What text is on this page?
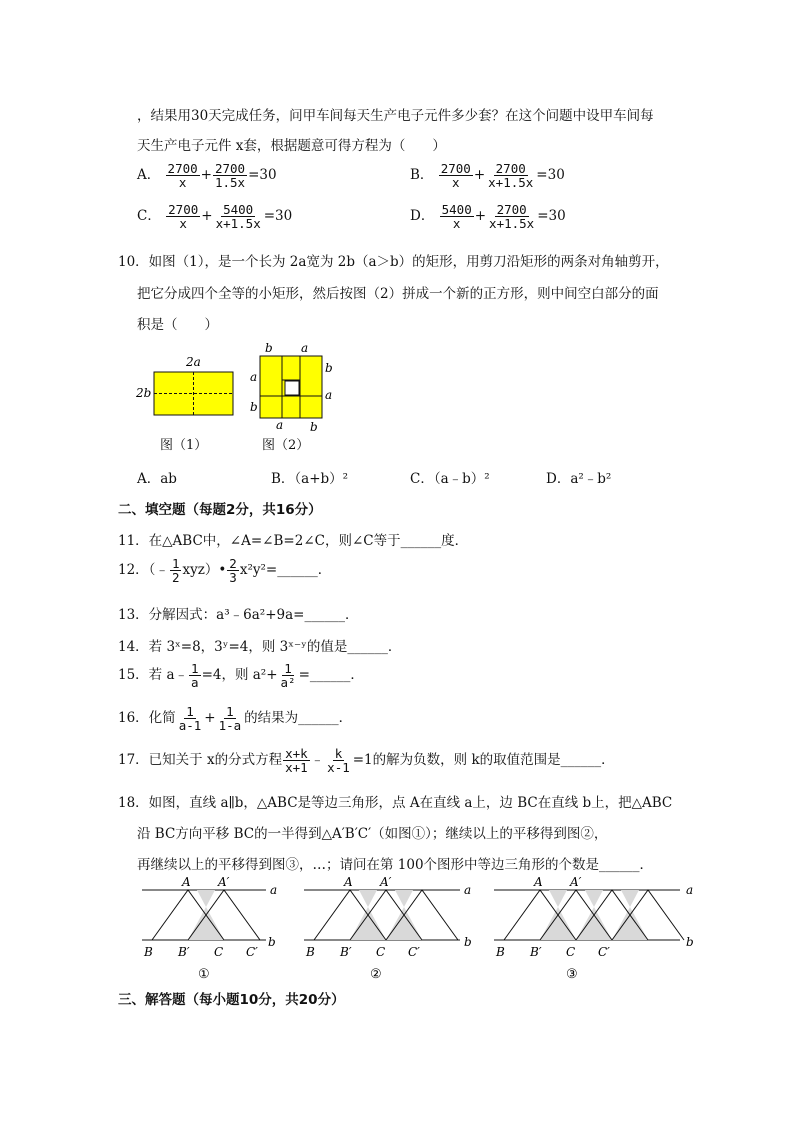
，结果用30天完成任务，问甲车间每天生产电子元件多少套？在这个问题中设甲车间每
天生产电子元件 x套，根据题意可得方程为（　　）
A． $\frac{2700}{x} + \frac{2700}{1.5x} =30$	B． $\frac{2700}{x} + \frac{2700}{x+1.5x} =30$
C． $\frac{2700}{x} + \frac{5400}{x+1.5x} =30$	D． $\frac{5400}{x} + \frac{2700}{x+1.5x} =30$
10．如图（1），是一个长为 2a宽为 2b（a＞b）的矩形，用剪刀沿矩形的两条对角轴剪开，
把它分成四个全等的小矩形，然后按图（2）拼成一个新的正方形，则中间空白部分的面
积是（　　）
2a
2b
图（1）
b a
a
b
b
a
a b
图（2）
A．ab	B．（a+b）²	C．（a﹣b）²	D．a²﹣b²
二、填空题（每题2分，共16分）
11．在△ABC中，∠A=∠B=2∠C，则∠C等于______度．
12．（﹣ $\frac{1}{2}$ xyz）• $\frac{2}{3}$ x²y²=______．
13．分解因式：a³﹣6a²+9a=______．
14．若 3ˣ=8，3ʸ=4，则 3ˣ⁻ʸ的值是______．
15．若 a﹣ $\frac{1}{a} =4$，则 $a^2+ \frac{1}{\text{a²}}$ =______．
16．化简 $\frac{1}{a-1} + \frac{1}{1-a}$ 的结果为______．
17．已知关于 x的分式方程 $\frac{x+k}{x+1}$ ﹣ $\frac{k}{x-1} =1$的解为负数，则 k的取值范围是______．
18．如图，直线 a∥b，△ABC是等边三角形，点 A在直线 a上，边 BC在直线 b上，把△ABC
沿 BC方向平移 BC的一半得到△A′B′C′（如图①）；继续以上的平移得到图②，
再继续以上的平移得到图③，…；请问在第 100个图形中等边三角形的个数是______．
A A′
a
b
B B′ C C′
①
A A′
a
b
B B′ C C′
②
A A′
a
b
B B′ C C′
③
三、解答题（每小题10分，共20分）
